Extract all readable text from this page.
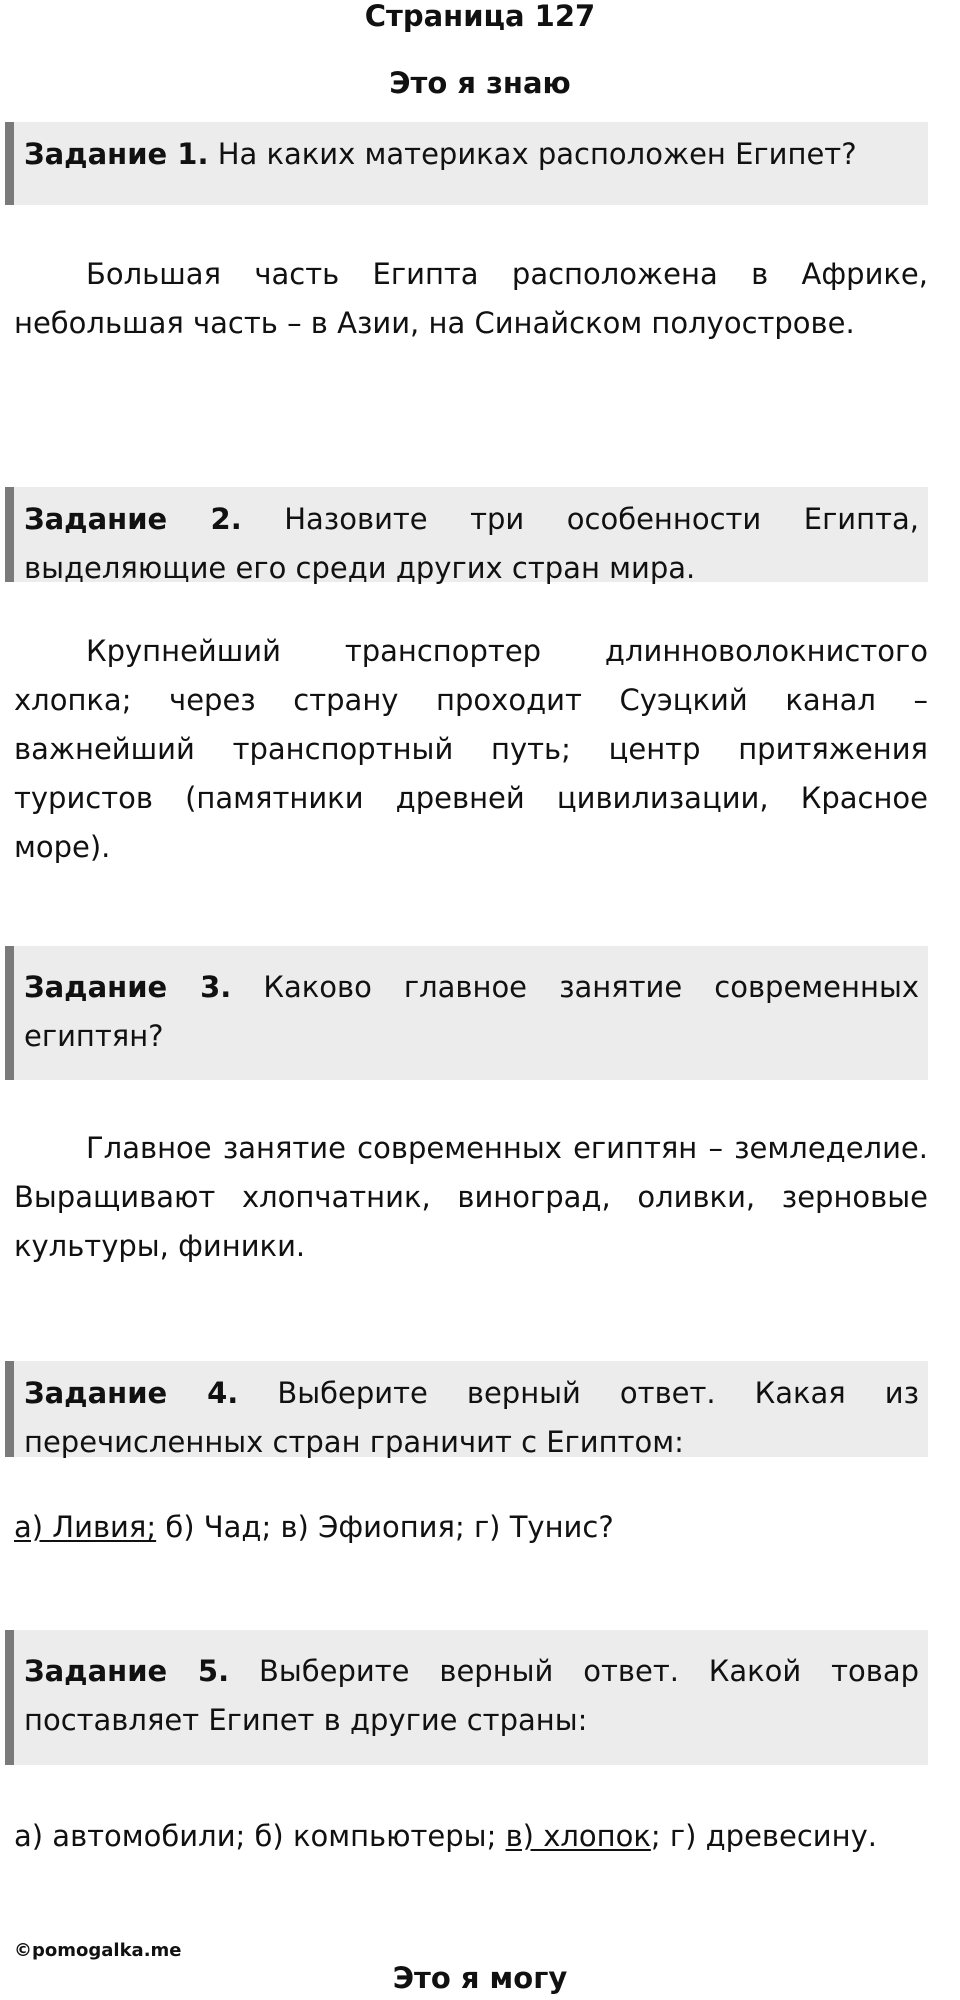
Страница 127
Это я знаю
Задание 1. На каких материках расположен Египет?

Большая часть Египта расположена в Африке, небольшая часть – в Азии, на Синайском полуострове.

Задание 2. Назовите три особенности Египта, выделяющие его среди других стран мира.

Крупнейший транспортер длинноволокнистого хлопка; через страну проходит Суэцкий канал – важнейший транспортный путь; центр притяжения туристов (памятники древней цивилизации, Красное море).

Задание 3. Каково главное занятие современных египтян?

Главное занятие современных египтян – земледелие. Выращивают хлопчатник, виноград, оливки, зерновые культуры, финики.

Задание 4. Выберите верный ответ. Какая из перечисленных стран граничит с Египтом:

а) Ливия; б) Чад; в) Эфиопия; г) Тунис?

Задание 5. Выберите верный ответ. Какой товар поставляет Египет в другие страны:

а) автомобили; б) компьютеры; в) хлопок; г) древесину.

©pomogalka.me
Это я могу
